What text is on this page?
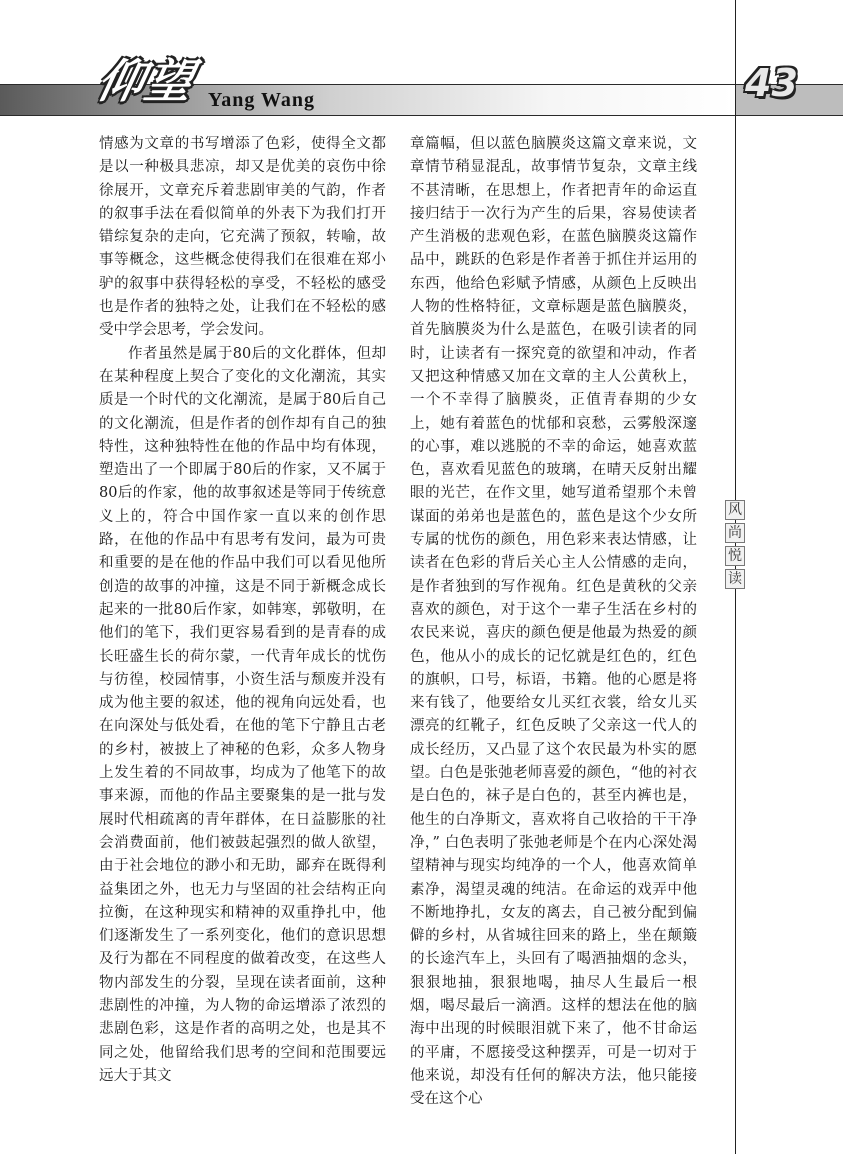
仰望 Yang Wang	43
风
尚
悦
读

情感为文章的书写增添了色彩，使得全文都是以一种极具悲凉，却又是优美的哀伤中徐徐展开，文章充斥着悲剧审美的气韵，作者的叙事手法在看似简单的外表下为我们打开错综复杂的走向，它充满了预叙，转喻，故事等概念，这些概念使得我们在很难在郑小驴的叙事中获得轻松的享受，不轻松的感受也是作者的独特之处，让我们在不轻松的感受中学会思考，学会发问。

作者虽然是属于80后的文化群体，但却在某种程度上契合了变化的文化潮流，其实质是一个时代的文化潮流，是属于80后自己的文化潮流，但是作者的创作却有自己的独特性，这种独特性在他的作品中均有体现，塑造出了一个即属于80后的作家，又不属于80后的作家，他的故事叙述是等同于传统意义上的，符合中国作家一直以来的创作思路，在他的作品中有思考有发问，最为可贵和重要的是在他的作品中我们可以看见他所创造的故事的冲撞，这是不同于新概念成长起来的一批80后作家，如韩寒，郭敬明，在他们的笔下，我们更容易看到的是青春的成长旺盛生长的荷尔蒙，一代青年成长的忧伤与彷徨，校园情事，小资生活与颓废并没有成为他主要的叙述，他的视角向远处看，也在向深处与低处看，在他的笔下宁静且古老的乡村，被披上了神秘的色彩，众多人物身上发生着的不同故事，均成为了他笔下的故事来源，而他的作品主要聚集的是一批与发展时代相疏离的青年群体，在日益膨胀的社会消费面前，他们被鼓起强烈的做人欲望，由于社会地位的渺小和无助，鄙弃在既得利益集团之外，也无力与坚固的社会结构正向拉衡，在这种现实和精神的双重挣扎中，他们逐渐发生了一系列变化，他们的意识思想及行为都在不同程度的做着改变，在这些人物内部发生的分裂，呈现在读者面前，这种悲剧性的冲撞，为人物的命运增添了浓烈的悲剧色彩，这是作者的高明之处，也是其不同之处，他留给我们思考的空间和范围要远远大于其文

章篇幅，但以蓝色脑膜炎这篇文章来说，文章情节稍显混乱，故事情节复杂，文章主线不甚清晰，在思想上，作者把青年的命运直接归结于一次行为产生的后果，容易使读者产生消极的悲观色彩，在蓝色脑膜炎这篇作品中，跳跃的色彩是作者善于抓住并运用的东西，他给色彩赋予情感，从颜色上反映出人物的性格特征，文章标题是蓝色脑膜炎，首先脑膜炎为什么是蓝色，在吸引读者的同时，让读者有一探究竟的欲望和冲动，作者又把这种情感又加在文章的主人公黄秋上，一个不幸得了脑膜炎，正值青春期的少女上，她有着蓝色的忧郁和哀愁，云雾般深邃的心事，难以逃脱的不幸的命运，她喜欢蓝色，喜欢看见蓝色的玻璃，在晴天反射出耀眼的光芒，在作文里，她写道希望那个未曾谋面的弟弟也是蓝色的，蓝色是这个少女所专属的忧伤的颜色，用色彩来表达情感，让读者在色彩的背后关心主人公情感的走向，是作者独到的写作视角。红色是黄秋的父亲喜欢的颜色，对于这个一辈子生活在乡村的农民来说，喜庆的颜色便是他最为热爱的颜色，他从小的成长的记忆就是红色的，红色的旗帜，口号，标语，书籍。他的心愿是将来有钱了，他要给女儿买红衣裳，给女儿买漂亮的红靴子，红色反映了父亲这一代人的成长经历，又凸显了这个农民最为朴实的愿望。白色是张弛老师喜爱的颜色，“他的衬衣是白色的，袜子是白色的，甚至内裤也是，他生的白净斯文，喜欢将自己收拾的干干净净，” 白色表明了张弛老师是个在内心深处渴望精神与现实均纯净的一个人，他喜欢简单素净，渴望灵魂的纯洁。在命运的戏弄中他不断地挣扎，女友的离去，自己被分配到偏僻的乡村，从省城往回来的路上，坐在颠簸的长途汽车上，头回有了喝酒抽烟的念头，狠狠地抽，狠狠地喝，抽尽人生最后一根烟，喝尽最后一滴酒。这样的想法在他的脑海中出现的时候眼泪就下来了，他不甘命运的平庸，不愿接受这种摆弄，可是一切对于他来说，却没有任何的解决方法，他只能接受在这个心
